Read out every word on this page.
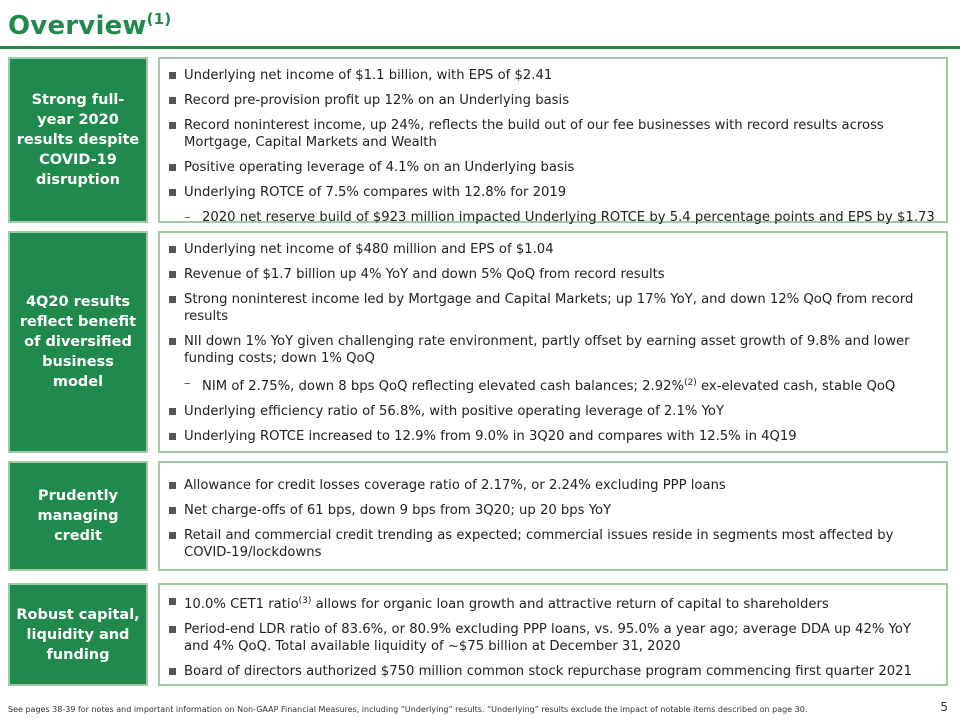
Overview$^{(1)}$
Strong full-year 2020 results despite COVID-19 disruption
Underlying net income of $1.1 billion, with EPS of $2.41
Record pre-provision profit up 12% on an Underlying basis
Record noninterest income, up 24%, reflects the build out of our fee businesses with record results across Mortgage, Capital Markets and Wealth
Positive operating leverage of 4.1% on an Underlying basis
Underlying ROTCE of 7.5% compares with 12.8% for 2019
– 2020 net reserve build of $923 million impacted Underlying ROTCE by 5.4 percentage points and EPS by $1.73
4Q20 results reflect benefit of diversified business model
Underlying net income of $480 million and EPS of $1.04
Revenue of $1.7 billion up 4% YoY and down 5% QoQ from record results
Strong noninterest income led by Mortgage and Capital Markets; up 17% YoY, and down 12% QoQ from record results
NII down 1% YoY given challenging rate environment, partly offset by earning asset growth of 9.8% and lower funding costs; down 1% QoQ
– NIM of 2.75%, down 8 bps QoQ reflecting elevated cash balances; 2.92%$^{(2)}$ ex-elevated cash, stable QoQ
Underlying efficiency ratio of 56.8%, with positive operating leverage of 2.1% YoY
Underlying ROTCE increased to 12.9% from 9.0% in 3Q20 and compares with 12.5% in 4Q19
Prudently managing credit
Allowance for credit losses coverage ratio of 2.17%, or 2.24% excluding PPP loans
Net charge-offs of 61 bps, down 9 bps from 3Q20; up 20 bps YoY
Retail and commercial credit trending as expected; commercial issues reside in segments most affected by COVID-19/lockdowns
Robust capital, liquidity and funding
10.0% CET1 ratio$^{(3)}$ allows for organic loan growth and attractive return of capital to shareholders
Period-end LDR ratio of 83.6%, or 80.9% excluding PPP loans, vs. 95.0% a year ago; average DDA up 42% YoY and 4% QoQ. Total available liquidity of ~$75 billion at December 31, 2020
Board of directors authorized $750 million common stock repurchase program commencing first quarter 2021
See pages 38-39 for notes and important information on Non-GAAP Financial Measures, including “Underlying” results. “Underlying” results exclude the impact of notable items described on page 30.	5
